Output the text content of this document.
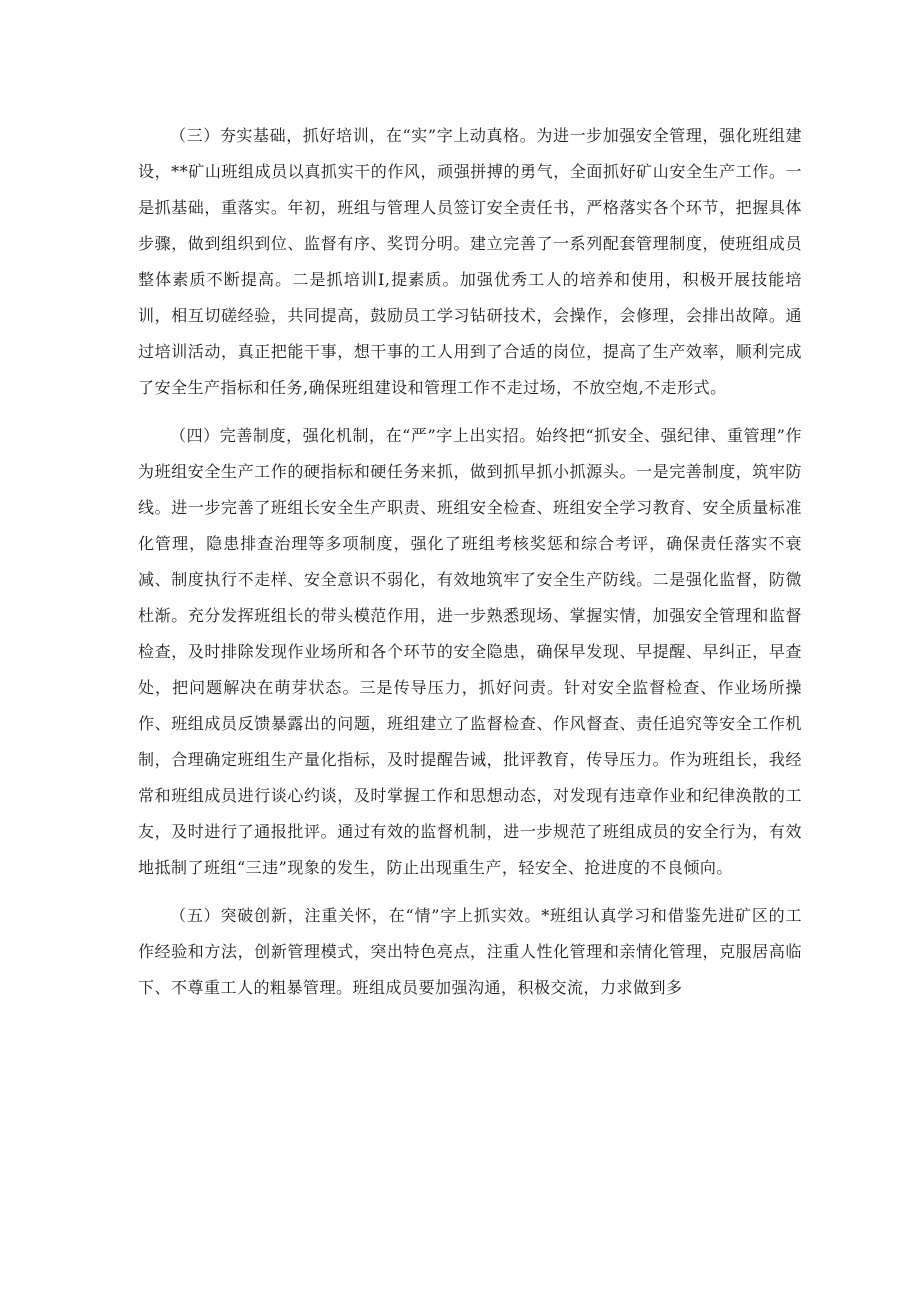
（三）夯实基础，抓好培训，在“实”字上动真格。为进一步加强安全管理，强化班组建设，**矿山班组成员以真抓实干的作风，顽强拼搏的勇气，全面抓好矿山安全生产工作。一是抓基础，重落实。年初，班组与管理人员签订安全责任书，严格落实各个环节，把握具体步骤，做到组织到位、监督有序、奖罚分明。建立完善了一系列配套管理制度，使班组成员整体素质不断提高。二是抓培训I,提素质。加强优秀工人的培养和使用，积极开展技能培训，相互切磋经验，共同提高，鼓励员工学习钻研技术，会操作，会修理，会排出故障。通过培训活动，真正把能干事，想干事的工人用到了合适的岗位，提高了生产效率，顺利完成了安全生产指标和任务,确保班组建设和管理工作不走过场，不放空炮,不走形式。

（四）完善制度，强化机制，在“严”字上出实招。始终把“抓安全、强纪律、重管理”作为班组安全生产工作的硬指标和硬任务来抓，做到抓早抓小抓源头。一是完善制度，筑牢防线。进一步完善了班组长安全生产职责、班组安全检查、班组安全学习教育、安全质量标准化管理，隐患排查治理等多项制度，强化了班组考核奖惩和综合考评，确保责任落实不衰减、制度执行不走样、安全意识不弱化，有效地筑牢了安全生产防线。二是强化监督，防微杜渐。充分发挥班组长的带头模范作用，进一步熟悉现场、掌握实情，加强安全管理和监督检查，及时排除发现作业场所和各个环节的安全隐患，确保早发现、早提醒、早纠正，早查处，把问题解决在萌芽状态。三是传导压力，抓好问责。针对安全监督检查、作业场所操作、班组成员反馈暴露出的问题，班组建立了监督检查、作风督查、责任追究等安全工作机制，合理确定班组生产量化指标，及时提醒告诫，批评教育，传导压力。作为班组长，我经常和班组成员进行谈心约谈，及时掌握工作和思想动态，对发现有违章作业和纪律涣散的工友，及时进行了通报批评。通过有效的监督机制，进一步规范了班组成员的安全行为，有效地抵制了班组“三违”现象的发生，防止出现重生产，轻安全、抢进度的不良倾向。

（五）突破创新，注重关怀，在“情”字上抓实效。*班组认真学习和借鉴先进矿区的工作经验和方法，创新管理模式，突出特色亮点，注重人性化管理和亲情化管理，克服居高临下、不尊重工人的粗暴管理。班组成员要加强沟通，积极交流，力求做到多
